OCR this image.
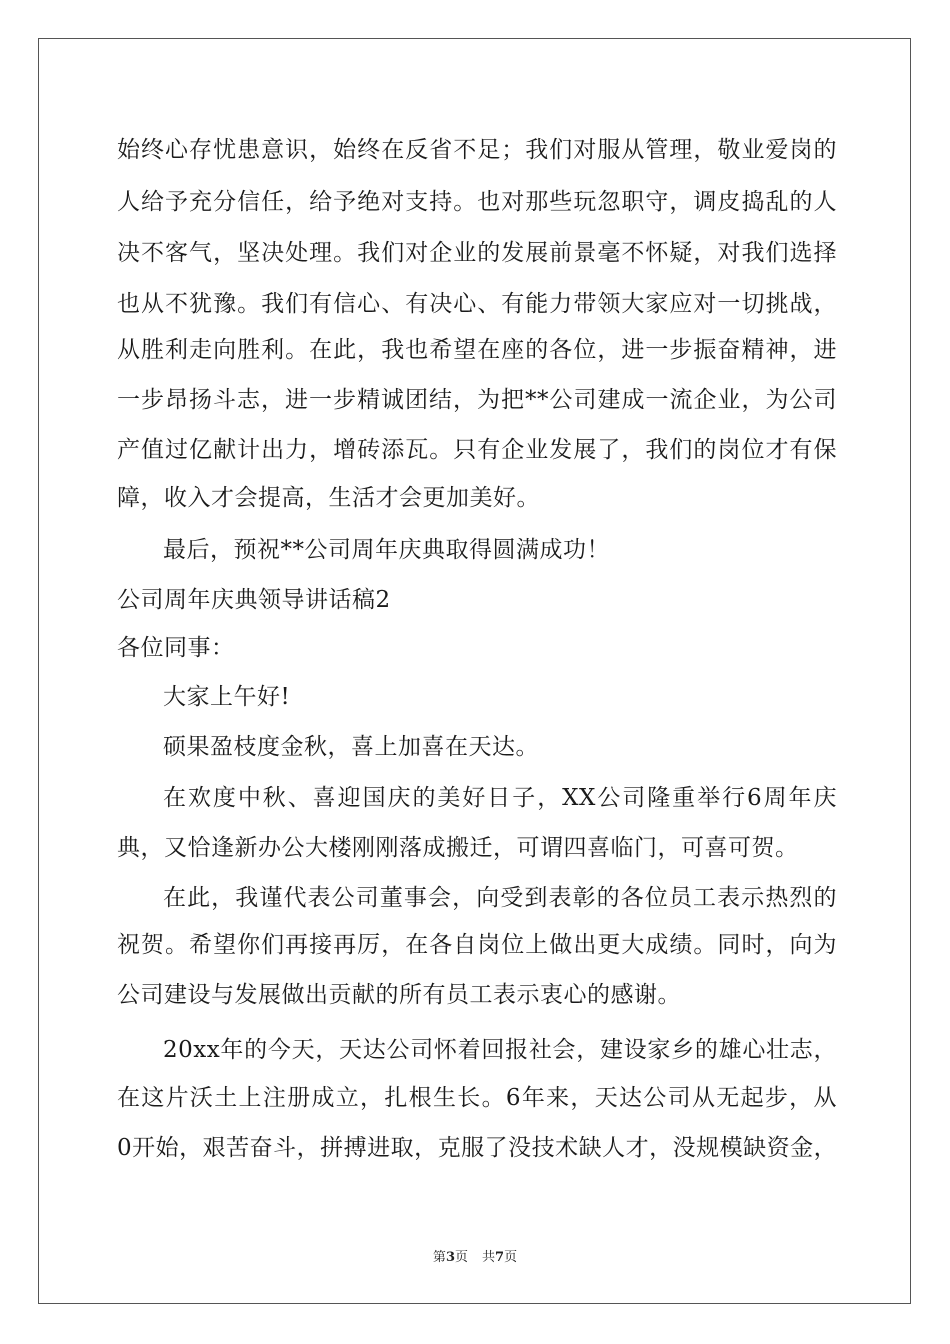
始终心存忧患意识，始终在反省不足；我们对服从管理，敬业爱岗的
人给予充分信任，给予绝对支持。也对那些玩忽职守，调皮捣乱的人
决不客气，坚决处理。我们对企业的发展前景毫不怀疑，对我们选择
也从不犹豫。我们有信心、有决心、有能力带领大家应对一切挑战，
从胜利走向胜利。在此，我也希望在座的各位，进一步振奋精神，进
一步昂扬斗志，进一步精诚团结，为把**公司建成一流企业，为公司
产值过亿献计出力，增砖添瓦。只有企业发展了，我们的岗位才有保
障，收入才会提高，生活才会更加美好。
最后，预祝**公司周年庆典取得圆满成功！
公司周年庆典领导讲话稿2
各位同事：
大家上午好!
硕果盈枝度金秋，喜上加喜在天达。
在欢度中秋、喜迎国庆的美好日子，XX公司隆重举行6周年庆
典，又恰逢新办公大楼刚刚落成搬迁，可谓四喜临门，可喜可贺。
在此，我谨代表公司董事会，向受到表彰的各位员工表示热烈的
祝贺。希望你们再接再厉，在各自岗位上做出更大成绩。同时，向为
公司建设与发展做出贡献的所有员工表示衷心的感谢。
20xx年的今天，天达公司怀着回报社会，建设家乡的雄心壮志，
在这片沃土上注册成立，扎根生长。6年来，天达公司从无起步，从
0开始，艰苦奋斗，拼搏进取，克服了没技术缺人才，没规模缺资金，
第3页 共7页
